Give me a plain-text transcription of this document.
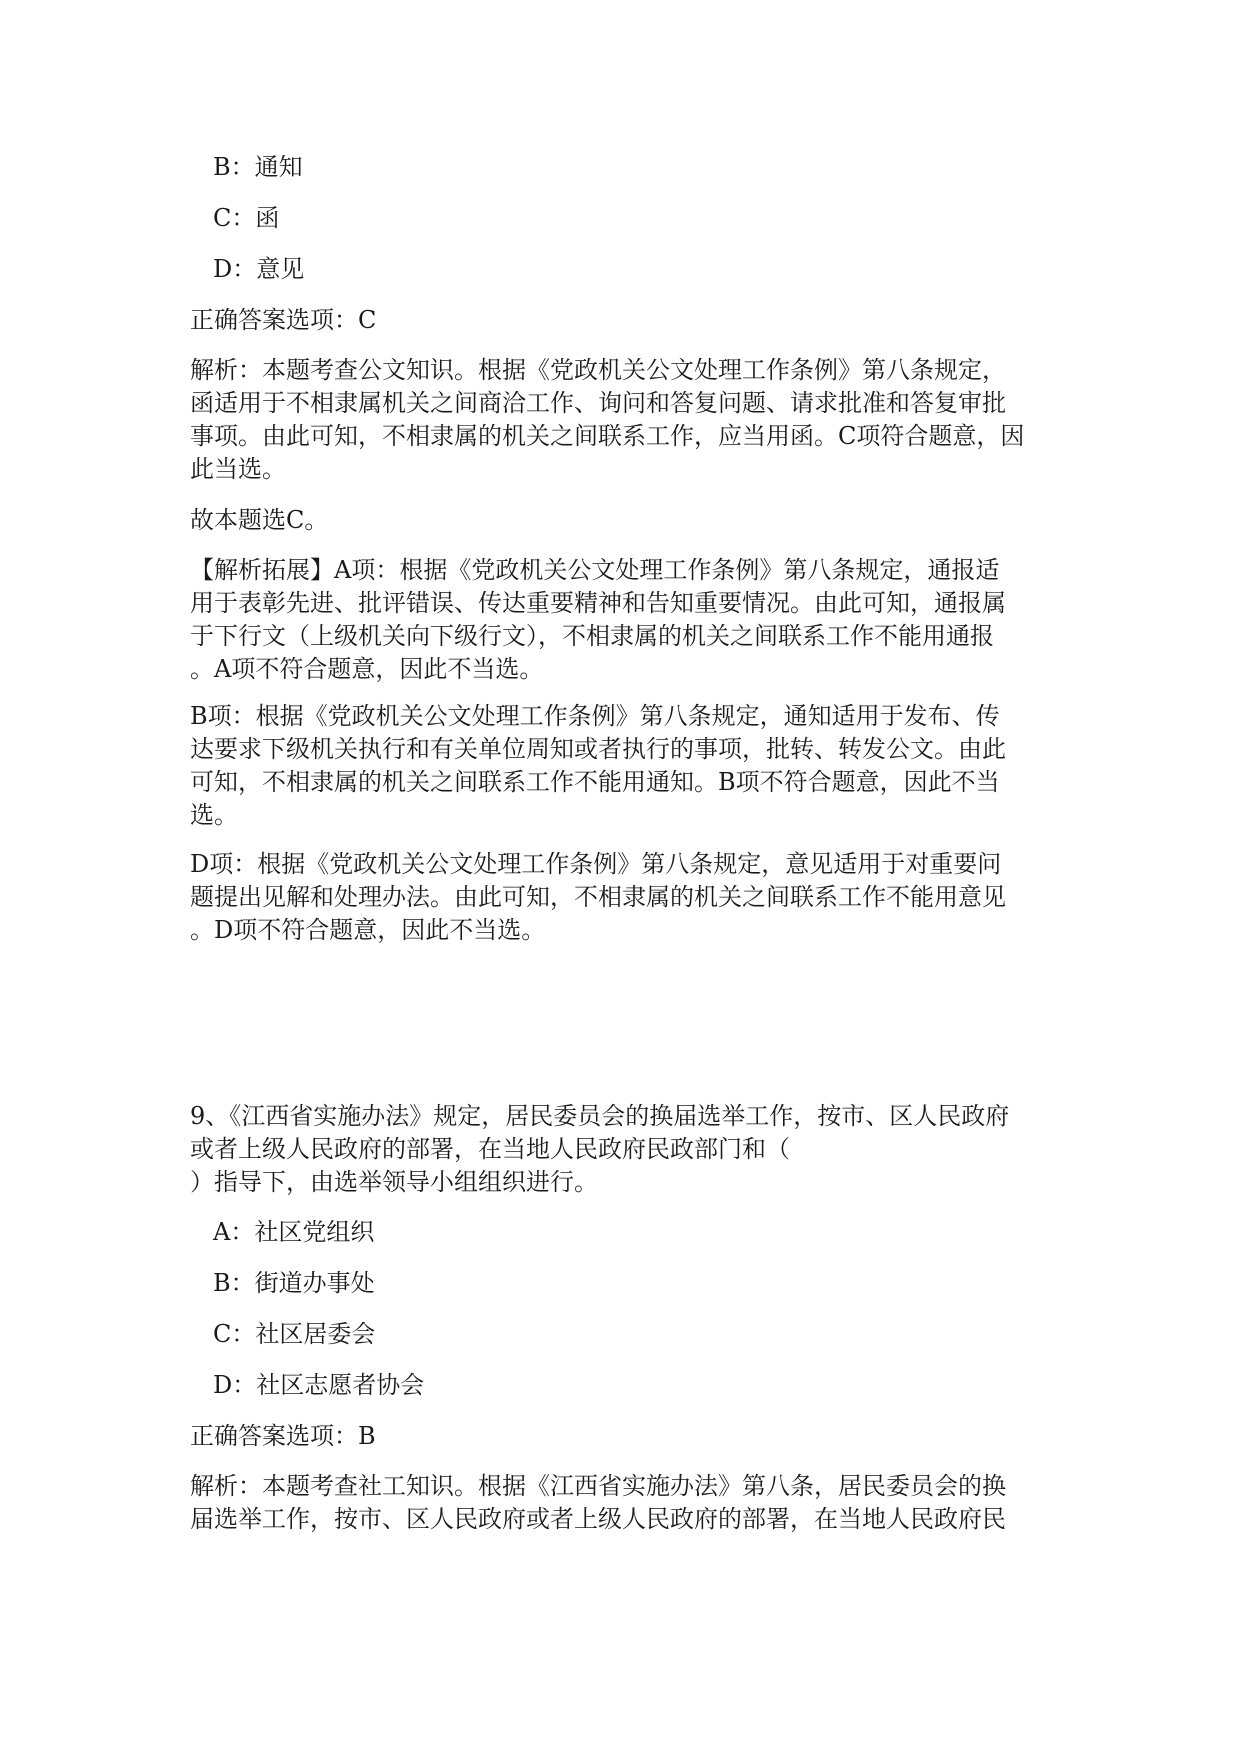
B：通知
C：函
D：意见
正确答案选项：C
解析：本题考查公文知识。根据《党政机关公文处理工作条例》第八条规定，
函适用于不相隶属机关之间商洽工作、询问和答复问题、请求批准和答复审批
事项。由此可知，不相隶属的机关之间联系工作，应当用函。C项符合题意，因
此当选。
故本题选C。
【解析拓展】A项：根据《党政机关公文处理工作条例》第八条规定，通报适
用于表彰先进、批评错误、传达重要精神和告知重要情况。由此可知，通报属
于下行文（上级机关向下级行文），不相隶属的机关之间联系工作不能用通报
。A项不符合题意，因此不当选。
B项：根据《党政机关公文处理工作条例》第八条规定，通知适用于发布、传
达要求下级机关执行和有关单位周知或者执行的事项，批转、转发公文。由此
可知，不相隶属的机关之间联系工作不能用通知。B项不符合题意，因此不当
选。
D项：根据《党政机关公文处理工作条例》第八条规定，意见适用于对重要问
题提出见解和处理办法。由此可知，不相隶属的机关之间联系工作不能用意见
。D项不符合题意，因此不当选。
9、《江西省实施办法》规定，居民委员会的换届选举工作，按市、区人民政府
或者上级人民政府的部署，在当地人民政府民政部门和（
）指导下，由选举领导小组组织进行。
A：社区党组织
B：街道办事处
C：社区居委会
D：社区志愿者协会
正确答案选项：B
解析：本题考查社工知识。根据《江西省实施办法》第八条，居民委员会的换
届选举工作，按市、区人民政府或者上级人民政府的部署，在当地人民政府民
